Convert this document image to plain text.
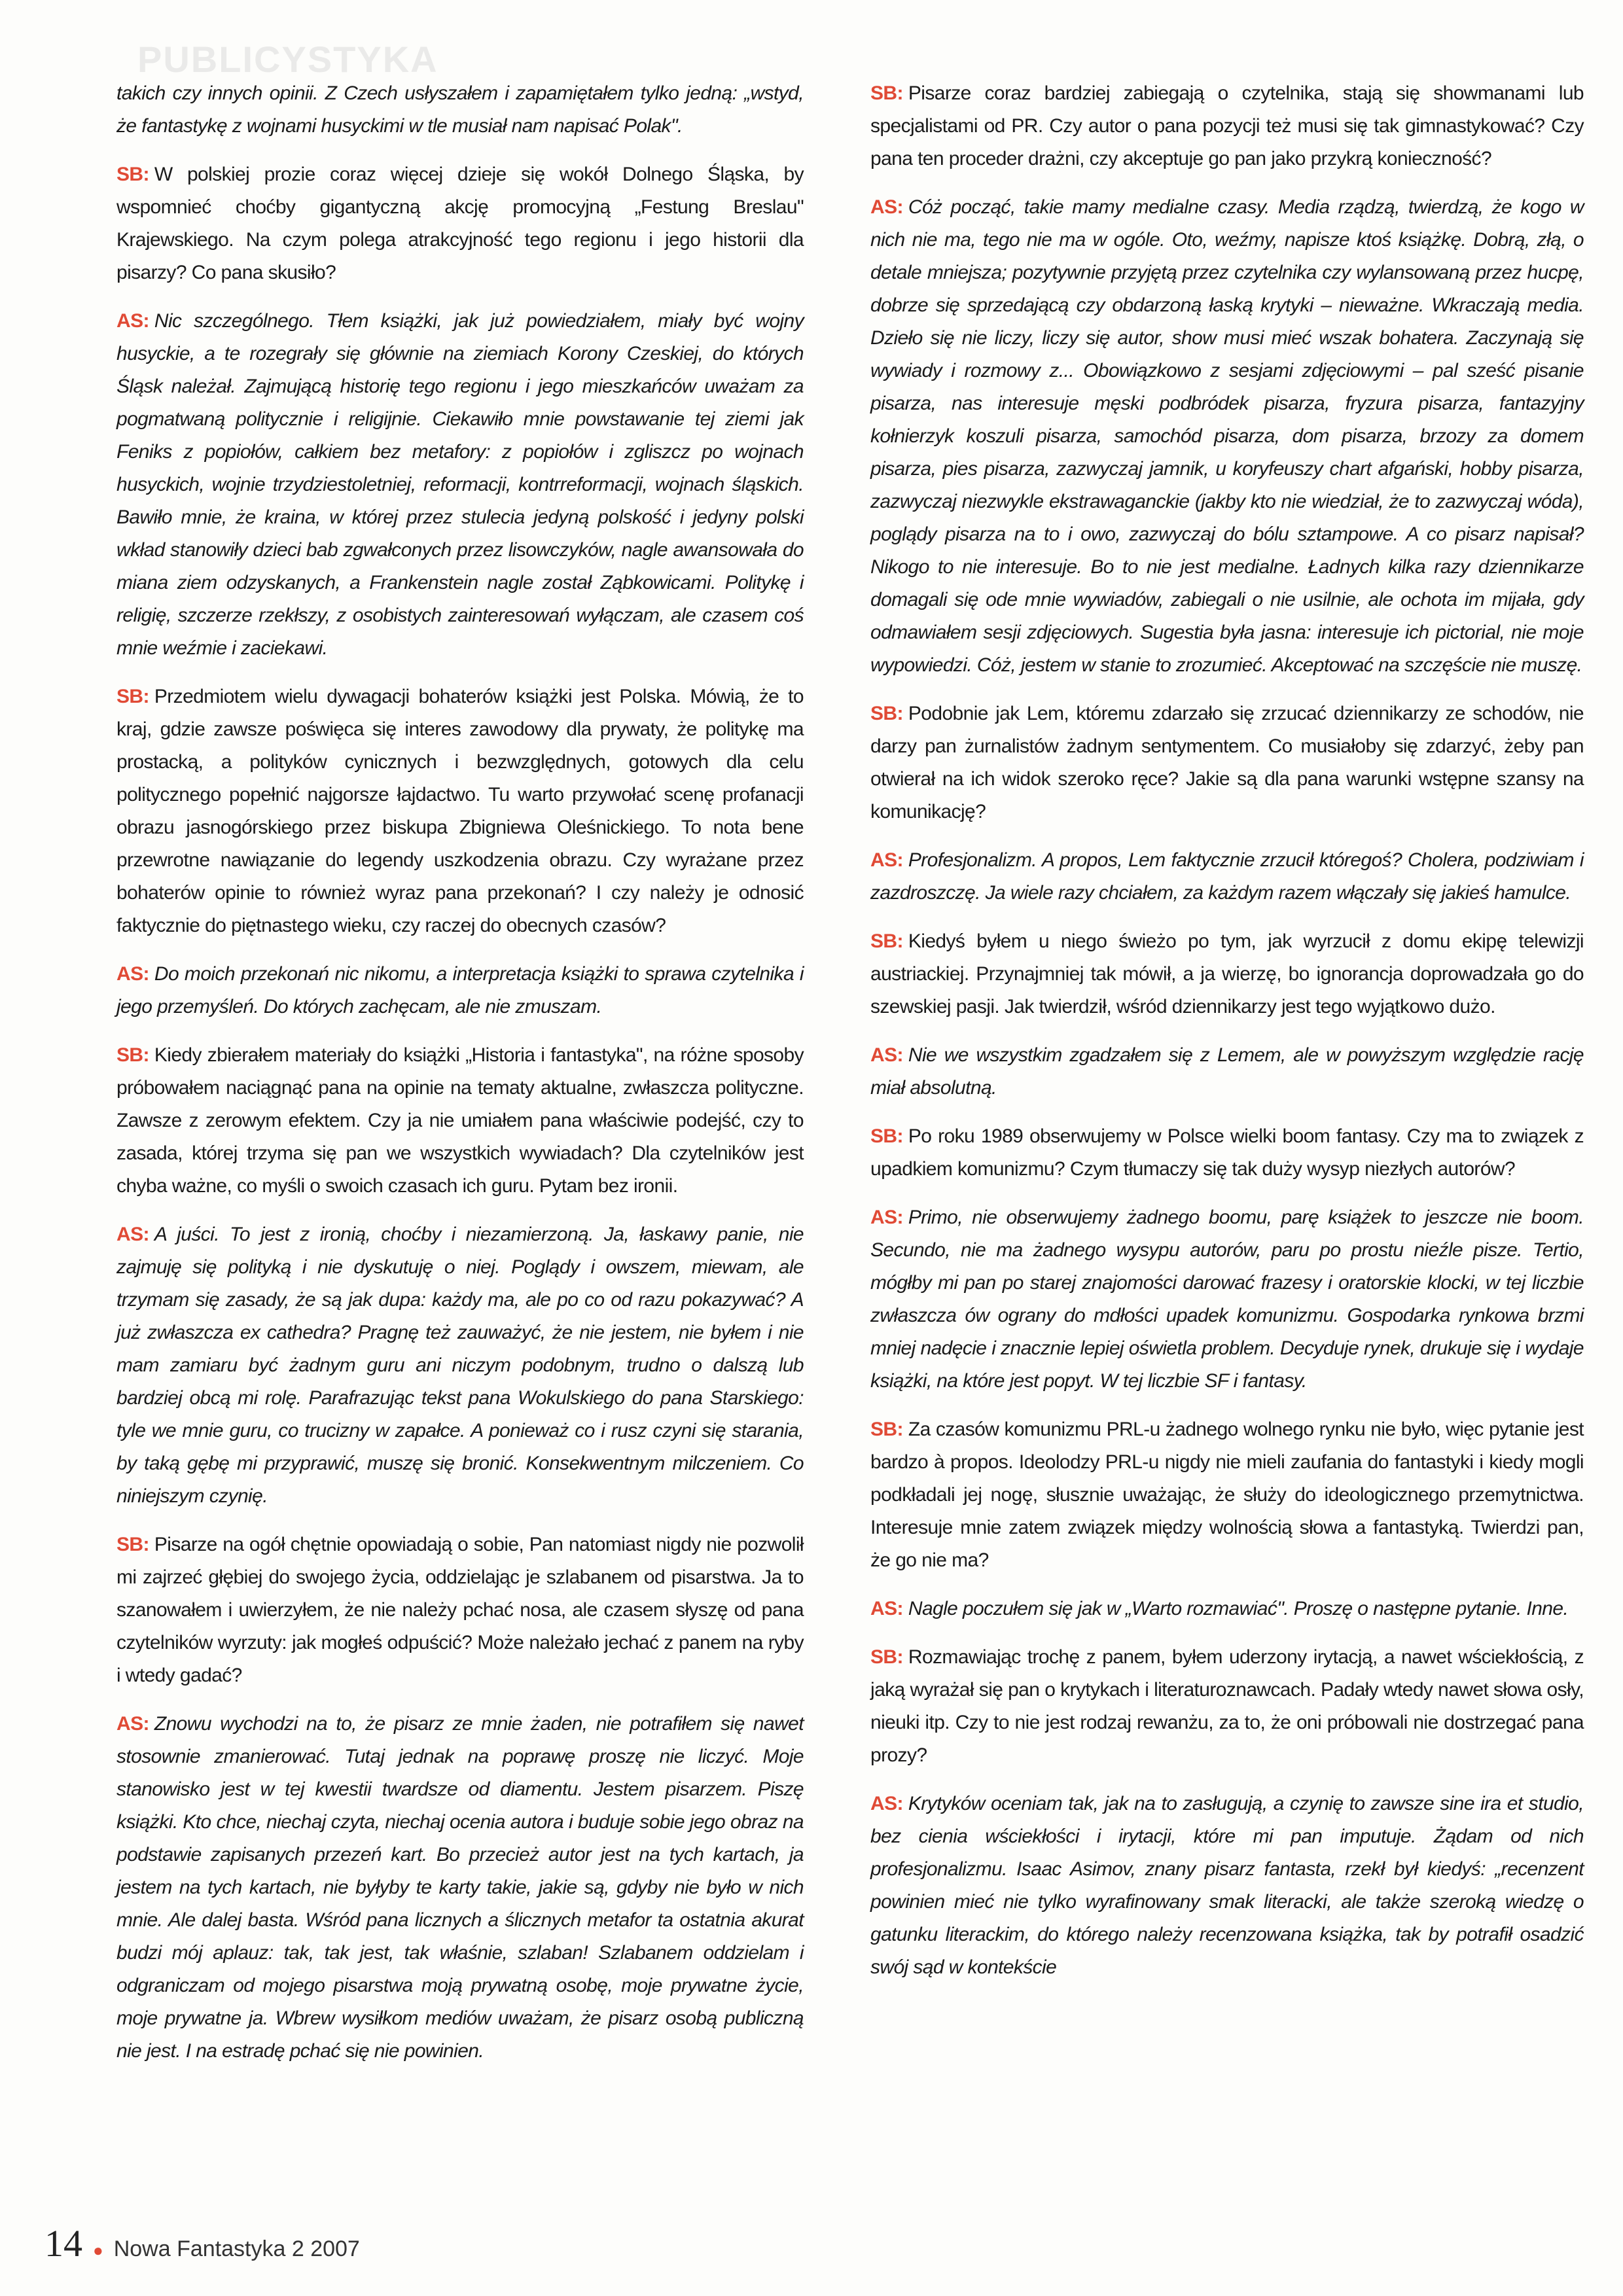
PUBLICYSTYKA

takich czy innych opinii. Z Czech usłyszałem i zapamiętałem tylko jedną: „wstyd, że fantastykę z wojnami husyckimi w tle musiał nam napisać Polak".

SB: W polskiej prozie coraz więcej dzieje się wokół Dolnego Śląska, by wspomnieć choćby gigantyczną akcję promocyjną „Festung Breslau" Krajewskiego. Na czym polega atrakcyjność tego regionu i jego historii dla pisarzy? Co pana skusiło?

AS: Nic szczególnego. Tłem książki, jak już powiedziałem, miały być wojny husyckie, a te rozegrały się głównie na ziemiach Korony Czeskiej, do których Śląsk należał. Zajmującą historię tego regionu i jego mieszkańców uważam za pogmatwaną politycznie i religijnie. Ciekawiło mnie powstawanie tej ziemi jak Feniks z popiołów, całkiem bez metafory: z popiołów i zgliszcz po wojnach husyckich, wojnie trzydziestoletniej, reformacji, kontrreformacji, wojnach śląskich. Bawiło mnie, że kraina, w której przez stulecia jedyną polskość i jedyny polski wkład stanowiły dzieci bab zgwałconych przez lisowczyków, nagle awansowała do miana ziem odzyskanych, a Frankenstein nagle został Ząbkowicami. Politykę i religię, szczerze rzekłszy, z osobistych zainteresowań wyłączam, ale czasem coś mnie weźmie i zaciekawi.

SB: Przedmiotem wielu dywagacji bohaterów książki jest Polska. Mówią, że to kraj, gdzie zawsze poświęca się interes zawodowy dla prywaty, że politykę ma prostacką, a polityków cynicznych i bezwzględnych, gotowych dla celu politycznego popełnić najgorsze łajdactwo. Tu warto przywołać scenę profanacji obrazu jasnogórskiego przez biskupa Zbigniewa Oleśnickiego. To nota bene przewrotne nawiązanie do legendy uszkodzenia obrazu. Czy wyrażane przez bohaterów opinie to również wyraz pana przekonań? I czy należy je odnosić faktycznie do piętnastego wieku, czy raczej do obecnych czasów?

AS: Do moich przekonań nic nikomu, a interpretacja książki to sprawa czytelnika i jego przemyśleń. Do których zachęcam, ale nie zmuszam.

SB: Kiedy zbierałem materiały do książki „Historia i fantastyka", na różne sposoby próbowałem naciągnąć pana na opinie na tematy aktualne, zwłaszcza polityczne. Zawsze z zerowym efektem. Czy ja nie umiałem pana właściwie podejść, czy to zasada, której trzyma się pan we wszystkich wywiadach? Dla czytelników jest chyba ważne, co myśli o swoich czasach ich guru. Pytam bez ironii.

AS: A juści. To jest z ironią, choćby i niezamierzoną. Ja, łaskawy panie, nie zajmuję się polityką i nie dyskutuję o niej. Poglądy i owszem, miewam, ale trzymam się zasady, że są jak dupa: każdy ma, ale po co od razu pokazywać? A już zwłaszcza ex cathedra? Pragnę też zauważyć, że nie jestem, nie byłem i nie mam zamiaru być żadnym guru ani niczym podobnym, trudno o dalszą lub bardziej obcą mi rolę. Parafrazując tekst pana Wokulskiego do pana Starskiego: tyle we mnie guru, co trucizny w zapałce. A ponieważ co i rusz czyni się starania, by taką gębę mi przyprawić, muszę się bronić. Konsekwentnym milczeniem. Co niniejszym czynię.

SB: Pisarze na ogół chętnie opowiadają o sobie, Pan natomiast nigdy nie pozwolił mi zajrzeć głębiej do swojego życia, oddzielając je szlabanem od pisarstwa. Ja to szanowałem i uwierzyłem, że nie należy pchać nosa, ale czasem słyszę od pana czytelników wyrzuty: jak mogłeś odpuścić? Może należało jechać z panem na ryby i wtedy gadać?

AS: Znowu wychodzi na to, że pisarz ze mnie żaden, nie potrafiłem się nawet stosownie zmanierować. Tutaj jednak na poprawę proszę nie liczyć. Moje stanowisko jest w tej kwestii twardsze od diamentu. Jestem pisarzem. Piszę książki. Kto chce, niechaj czyta, niechaj ocenia autora i buduje sobie jego obraz na podstawie zapisanych przezeń kart. Bo przecież autor jest na tych kartach, ja jestem na tych kartach, nie byłyby te karty takie, jakie są, gdyby nie było w nich mnie. Ale dalej basta. Wśród pana licznych a ślicznych metafor ta ostatnia akurat budzi mój aplauz: tak, tak jest, tak właśnie, szlaban! Szlabanem oddzielam i odgraniczam od mojego pisarstwa moją prywatną osobę, moje prywatne życie, moje prywatne ja. Wbrew wysiłkom mediów uważam, że pisarz osobą publiczną nie jest. I na estradę pchać się nie powinien.

SB: Pisarze coraz bardziej zabiegają o czytelnika, stają się showmanami lub specjalistami od PR. Czy autor o pana pozycji też musi się tak gimnastykować? Czy pana ten proceder drażni, czy akceptuje go pan jako przykrą konieczność?

AS: Cóż począć, takie mamy medialne czasy. Media rządzą, twierdzą, że kogo w nich nie ma, tego nie ma w ogóle. Oto, weźmy, napisze ktoś książkę. Dobrą, złą, o detale mniejsza; pozytywnie przyjętą przez czytelnika czy wylansowaną przez hucpę, dobrze się sprzedającą czy obdarzoną łaską krytyki – nieważne. Wkraczają media. Dzieło się nie liczy, liczy się autor, show musi mieć wszak bohatera. Zaczynają się wywiady i rozmowy z... Obowiązkowo z sesjami zdjęciowymi – pal sześć pisanie pisarza, nas interesuje męski podbródek pisarza, fryzura pisarza, fantazyjny kołnierzyk koszuli pisarza, samochód pisarza, dom pisarza, brzozy za domem pisarza, pies pisarza, zazwyczaj jamnik, u koryfeuszy chart afgański, hobby pisarza, zazwyczaj niezwykle ekstrawaganckie (jakby kto nie wiedział, że to zazwyczaj wóda), poglądy pisarza na to i owo, zazwyczaj do bólu sztampowe. A co pisarz napisał? Nikogo to nie interesuje. Bo to nie jest medialne. Ładnych kilka razy dziennikarze domagali się ode mnie wywiadów, zabiegali o nie usilnie, ale ochota im mijała, gdy odmawiałem sesji zdjęciowych. Sugestia była jasna: interesuje ich pictorial, nie moje wypowiedzi. Cóż, jestem w stanie to zrozumieć. Akceptować na szczęście nie muszę.

SB: Podobnie jak Lem, któremu zdarzało się zrzucać dziennikarzy ze schodów, nie darzy pan żurnalistów żadnym sentymentem. Co musiałoby się zdarzyć, żeby pan otwierał na ich widok szeroko ręce? Jakie są dla pana warunki wstępne szansy na komunikację?

AS: Profesjonalizm. A propos, Lem faktycznie zrzucił któregoś? Cholera, podziwiam i zazdroszczę. Ja wiele razy chciałem, za każdym razem włączały się jakieś hamulce.

SB: Kiedyś byłem u niego świeżo po tym, jak wyrzucił z domu ekipę telewizji austriackiej. Przynajmniej tak mówił, a ja wierzę, bo ignorancja doprowadzała go do szewskiej pasji. Jak twierdził, wśród dziennikarzy jest tego wyjątkowo dużo.

AS: Nie we wszystkim zgadzałem się z Lemem, ale w powyższym względzie rację miał absolutną.

SB: Po roku 1989 obserwujemy w Polsce wielki boom fantasy. Czy ma to związek z upadkiem komunizmu? Czym tłumaczy się tak duży wysyp niezłych autorów?

AS: Primo, nie obserwujemy żadnego boomu, parę książek to jeszcze nie boom. Secundo, nie ma żadnego wysypu autorów, paru po prostu nieźle pisze. Tertio, mógłby mi pan po starej znajomości darować frazesy i oratorskie klocki, w tej liczbie zwłaszcza ów ograny do mdłości upadek komunizmu. Gospodarka rynkowa brzmi mniej nadęcie i znacznie lepiej oświetla problem. Decyduje rynek, drukuje się i wydaje książki, na które jest popyt. W tej liczbie SF i fantasy.

SB: Za czasów komunizmu PRL-u żadnego wolnego rynku nie było, więc pytanie jest bardzo à propos. Ideolodzy PRL-u nigdy nie mieli zaufania do fantastyki i kiedy mogli podkładali jej nogę, słusznie uważając, że służy do ideologicznego przemytnictwa. Interesuje mnie zatem związek między wolnością słowa a fantastyką. Twierdzi pan, że go nie ma?

AS: Nagle poczułem się jak w „Warto rozmawiać". Proszę o następne pytanie. Inne.

SB: Rozmawiając trochę z panem, byłem uderzony irytacją, a nawet wściekłością, z jaką wyrażał się pan o krytykach i literaturoznawcach. Padały wtedy nawet słowa osły, nieuki itp. Czy to nie jest rodzaj rewanżu, za to, że oni próbowali nie dostrzegać pana prozy?

AS: Krytyków oceniam tak, jak na to zasługują, a czynię to zawsze sine ira et studio, bez cienia wściekłości i irytacji, które mi pan imputuje. Żądam od nich profesjonalizmu. Isaac Asimov, znany pisarz fantasta, rzekł był kiedyś: „recenzent powinien mieć nie tylko wyrafinowany smak literacki, ale także szeroką wiedzę o gatunku literackim, do którego należy recenzowana książka, tak by potrafił osadzić swój sąd w kontekście

14 ● Nowa Fantastyka 2 2007
